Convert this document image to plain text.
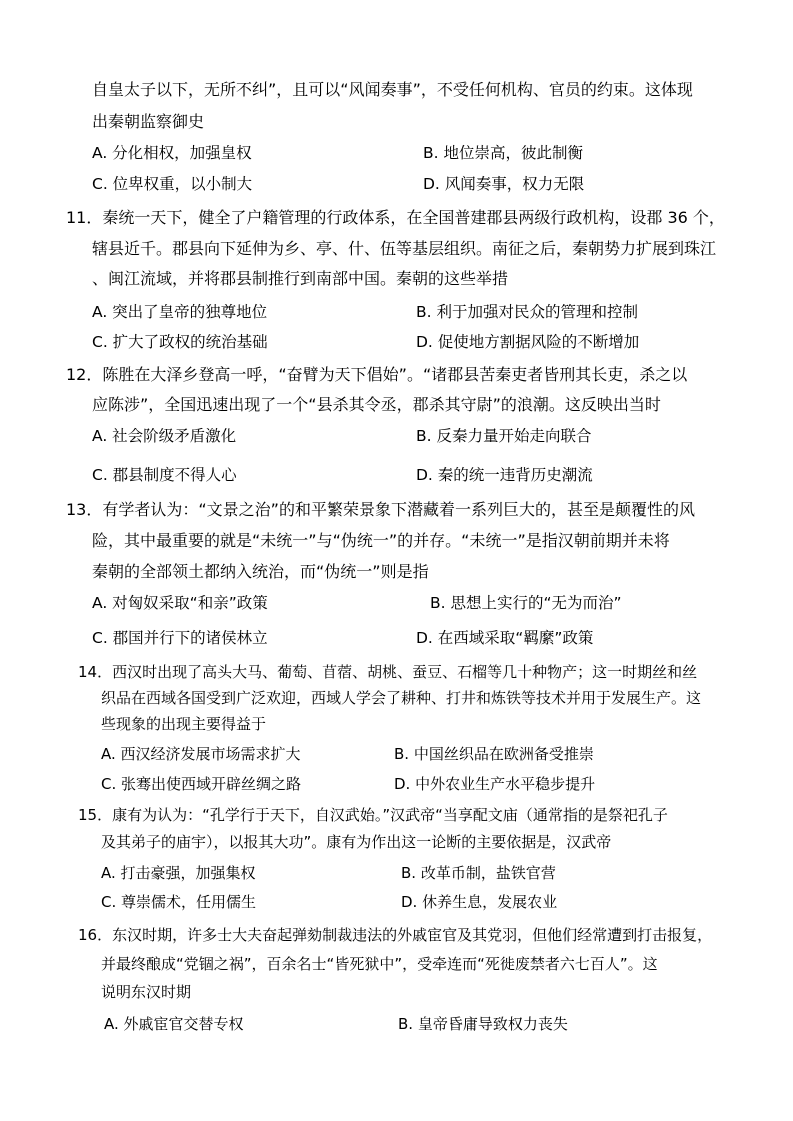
自皇太子以下，无所不纠”，且可以“风闻奏事”，不受任何机构、官员的约束。这体现
出秦朝监察御史
A. 分化相权，加强皇权	B. 地位崇高，彼此制衡
C. 位卑权重，以小制大	D. 风闻奏事，权力无限
11．秦统一天下，健全了户籍管理的行政体系，在全国普建郡县两级行政机构，设郡 36 个，
辖县近千。郡县向下延伸为乡、亭、什、伍等基层组织。南征之后，秦朝势力扩展到珠江
、闽江流域，并将郡县制推行到南部中国。秦朝的这些举措
A. 突出了皇帝的独尊地位	B. 利于加强对民众的管理和控制
C. 扩大了政权的统治基础	D. 促使地方割据风险的不断增加
12．陈胜在大泽乡登高一呼，“奋臂为天下倡始”。“诸郡县苦秦吏者皆刑其长吏，杀之以
应陈涉”，全国迅速出现了一个“县杀其令丞，郡杀其守尉”的浪潮。这反映出当时
A. 社会阶级矛盾激化	B. 反秦力量开始走向联合
C. 郡县制度不得人心	D. 秦的统一违背历史潮流
13．有学者认为：“文景之治”的和平繁荣景象下潜藏着一系列巨大的，甚至是颠覆性的风
险，其中最重要的就是“未统一”与“伪统一”的并存。“未统一”是指汉朝前期并未将
秦朝的全部领土都纳入统治，而“伪统一”则是指
A. 对匈奴采取“和亲”政策	B. 思想上实行的“无为而治”
C. 郡国并行下的诸侯林立	D. 在西域采取“羁縻”政策
14．西汉时出现了高头大马、葡萄、苜蓿、胡桃、蚕豆、石榴等几十种物产；这一时期丝和丝
织品在西域各国受到广泛欢迎，西域人学会了耕种、打井和炼铁等技术并用于发展生产。这
些现象的出现主要得益于
A. 西汉经济发展市场需求扩大	B. 中国丝织品在欧洲备受推崇
C. 张骞出使西域开辟丝绸之路	D. 中外农业生产水平稳步提升
15．康有为认为：“孔学行于天下，自汉武始。”汉武帝“当享配文庙（通常指的是祭祀孔子
及其弟子的庙宇），以报其大功”。康有为作出这一论断的主要依据是，汉武帝
A. 打击豪强，加强集权	B. 改革币制，盐铁官营
C. 尊崇儒术，任用儒生	D. 休养生息，发展农业
16．东汉时期，许多士大夫奋起弹劾制裁违法的外戚宦官及其党羽，但他们经常遭到打击报复，
并最终酿成“党锢之祸”，百余名士“皆死狱中”，受牵连而“死徙废禁者六七百人”。这
说明东汉时期
A. 外戚宦官交替专权	B. 皇帝昏庸导致权力丧失
